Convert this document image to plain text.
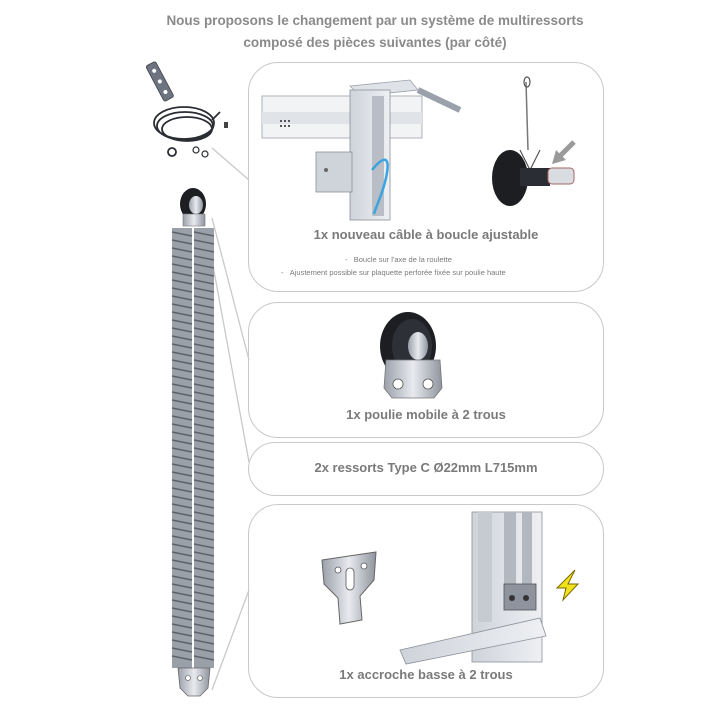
Nous proposons le changement par un système de multiressorts
composé des pièces suivantes (par côté)
1x nouveau câble à boucle ajustable
-   Boucle sur l'axe de la roulette
-   Ajustement possible sur plaquette perforée fixée sur poulie haute
1x poulie mobile à 2 trous
2x ressorts Type C Ø22mm L715mm
1x accroche basse à 2 trous
